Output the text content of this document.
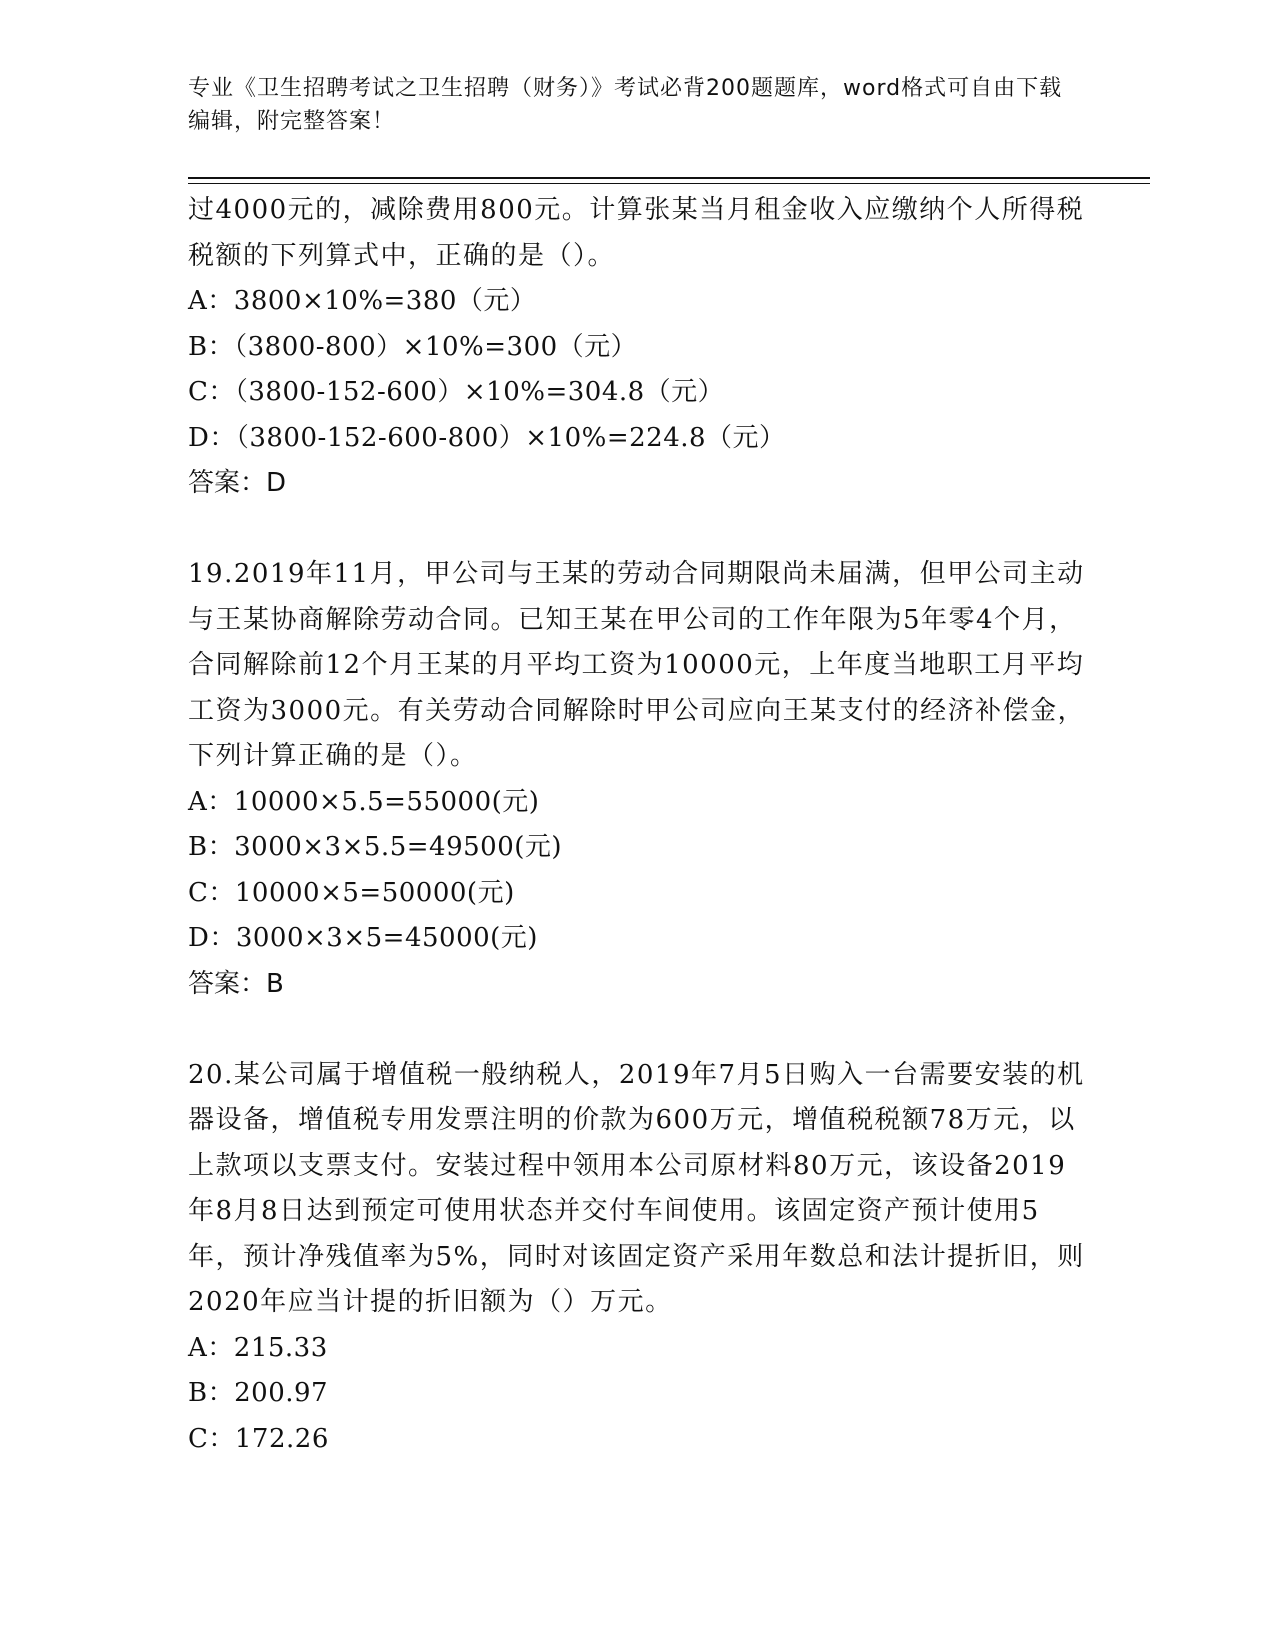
专业《卫生招聘考试之卫生招聘（财务）》考试必背200题题库，word格式可自由下载编辑，附完整答案！

过4000元的，减除费用800元。计算张某当月租金收入应缴纳个人所得税税额的下列算式中，正确的是（）。

A：3800×10%=380（元）

B：（3800-800）×10%=300（元）

C：（3800-152-600）×10%=304.8（元）

D：（3800-152-600-800）×10%=224.8（元）

答案：D

19.2019年11月，甲公司与王某的劳动合同期限尚未届满，但甲公司主动与王某协商解除劳动合同。已知王某在甲公司的工作年限为5年零4个月，合同解除前12个月王某的月平均工资为10000元，上年度当地职工月平均工资为3000元。有关劳动合同解除时甲公司应向王某支付的经济补偿金，下列计算正确的是（）。

A：10000×5.5=55000(元)

B：3000×3×5.5=49500(元)

C：10000×5=50000(元)

D：3000×3×5=45000(元)

答案：B

20.某公司属于增值税一般纳税人，2019年7月5日购入一台需要安装的机器设备，增值税专用发票注明的价款为600万元，增值税税额78万元，以上款项以支票支付。安装过程中领用本公司原材料80万元，该设备2019年8月8日达到预定可使用状态并交付车间使用。该固定资产预计使用5年，预计净残值率为5%，同时对该固定资产采用年数总和法计提折旧，则2020年应当计提的折旧额为（）万元。

A：215.33

B：200.97

C：172.26
